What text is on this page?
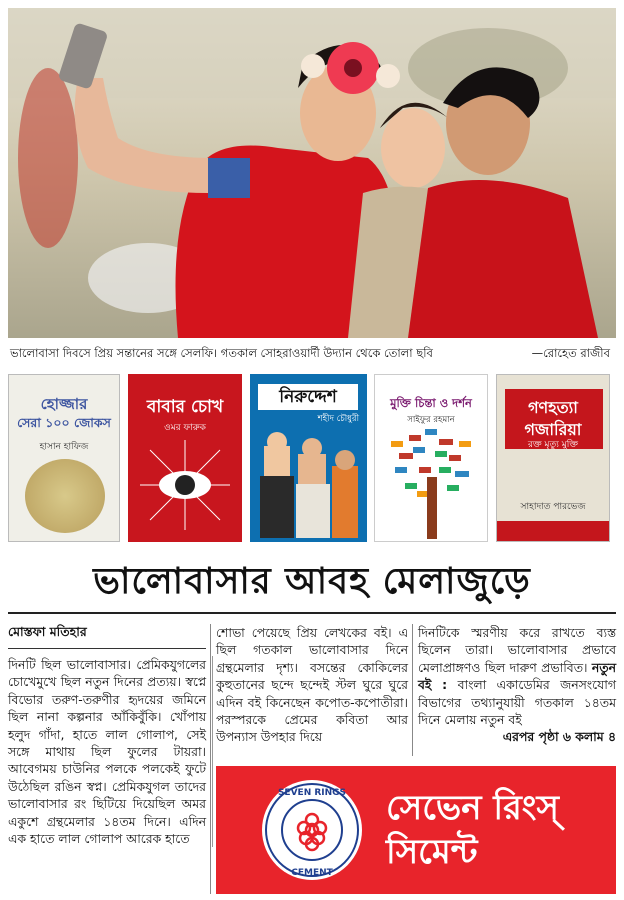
ভালোবাসা দিবসে প্রিয় সন্তানের সঙ্গে সেলফি। গতকাল সোহরাওয়ার্দী উদ্যান থেকে তোলা ছবি	—রোহেত রাজীব
হোজ্জার
সেরা ১০০ জোকস
হাসান হাফিজ
বাবার চোখ
ওমর ফারুক
নিরুদ্দেশ
শহীদ চৌধুরী
মুক্তি চিন্তা ও দর্শন
সাইফুর রহমান
গণহত্যা
গজারিয়া
রক্ত মৃত্যু মুক্তি
সাহাদাত পারভেজ
ভালোবাসার আবহ মেলাজুড়ে
মোস্তফা মতিহার
দিনটি ছিল ভালোবাসার। প্রেমিকযুগলের চোখেমুখে ছিল নতুন দিনের প্রত্যয়। স্বপ্নে বিভোর তরুণ-তরুণীর হৃদয়ের জমিনে ছিল নানা কল্পনার আঁকিবুঁকি। খোঁপায় হলুদ গাঁদা, হাতে লাল গোলাপ, সেই সঙ্গে মাথায় ছিল ফুলের টায়রা। আবেগময় চাউনির পলকে পলকেই ফুটে উঠেছিল রঙিন স্বপ্ন। প্রেমিকযুগল তাদের ভালোবাসার রং ছিটিয়ে দিয়েছিল অমর একুশে গ্রন্থমেলার ১৪তম দিনে। এদিন এক হাতে লাল গোলাপ আরেক হাতে
শোভা পেয়েছে প্রিয় লেখকের বই। এ ছিল গতকাল ভালোবাসার দিনে গ্রন্থমেলার দৃশ্য। বসন্তের কোকিলের কুহুতানের ছন্দে ছন্দেই স্টল ঘুরে ঘুরে এদিন বই কিনেছেন কপোত-কপোতীরা। পরস্পরকে প্রেমের কবিতা আর উপন্যাস উপহার দিয়ে
দিনটিকে স্মরণীয় করে রাখতে ব্যস্ত ছিলেন তারা। ভালোবাসার প্রভাবে মেলাপ্রাঙ্গণও ছিল দারুণ প্রভাবিত। নতুন বই : বাংলা একাডেমির জনসংযোগ বিভাগের তথ্যানুযায়ী গতকাল ১৪তম দিনে মেলায় নতুন বই
এরপর পৃষ্ঠা ৬ কলাম ৪
SEVEN RINGS
CEMENT
সেভেন রিংস্
সিমেন্ট
